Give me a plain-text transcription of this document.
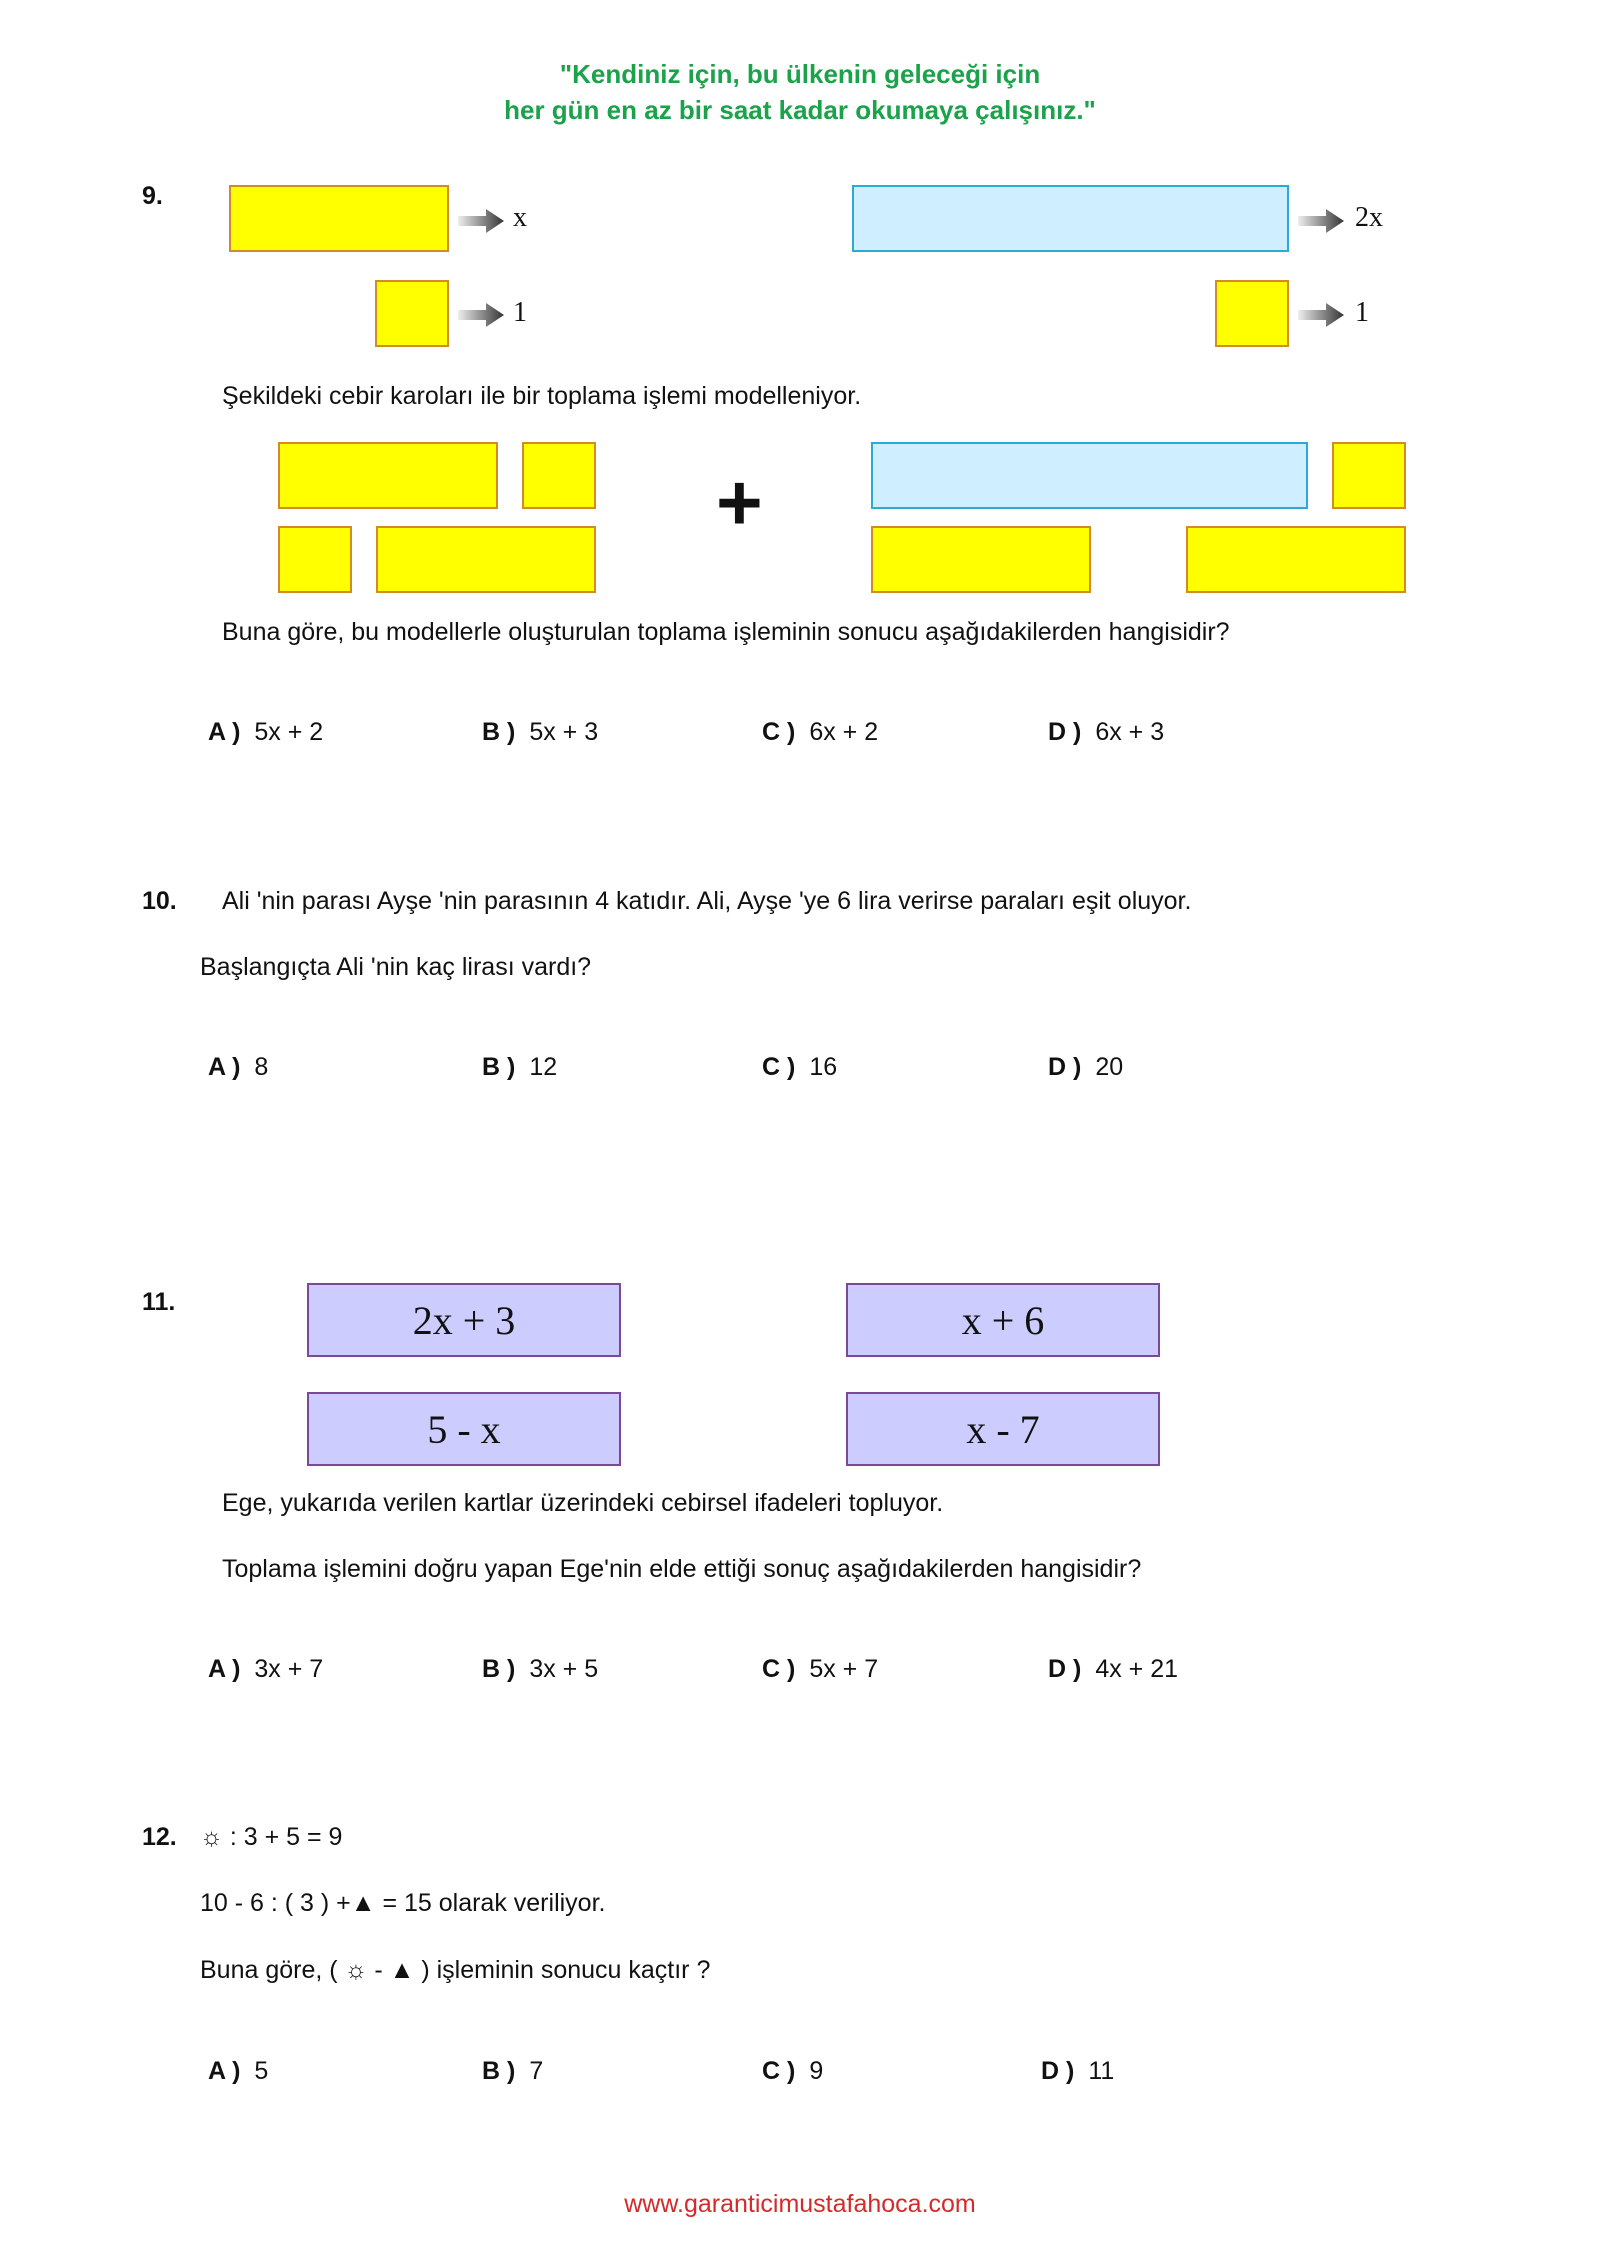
"Kendiniz için, bu ülkenin geleceği için
her gün en az bir saat kadar okumaya çalışınız."
9.
x
1
2x
1
Şekildeki cebir karoları ile bir toplama işlemi modelleniyor.
+
Buna göre, bu modellerle oluşturulan toplama işleminin sonucu aşağıdakilerden hangisidir?
A ) 5x + 2	B ) 5x + 3	C ) 6x + 2	D ) 6x + 3
10. Ali 'nin parası Ayşe 'nin parasının 4 katıdır. Ali, Ayşe 'ye 6 lira verirse paraları eşit oluyor.
Başlangıçta Ali 'nin kaç lirası vardı?
A ) 8	B ) 12	C ) 16	D ) 20
11.	2x + 3	x + 6
5 - x	x - 7
Ege, yukarıda verilen kartlar üzerindeki cebirsel ifadeleri topluyor.
Toplama işlemini doğru yapan Ege'nin elde ettiği sonuç aşağıdakilerden hangisidir?
A ) 3x + 7	B ) 3x + 5	C ) 5x + 7	D ) 4x + 21
12. ☼ : 3 + 5 = 9
10 - 6 : ( 3 ) +▲ = 15 olarak veriliyor.
Buna göre, ( ☼ - ▲ ) işleminin sonucu kaçtır ?
A ) 5	B ) 7	C ) 9	D ) 11
www.garanticimustafahoca.com
